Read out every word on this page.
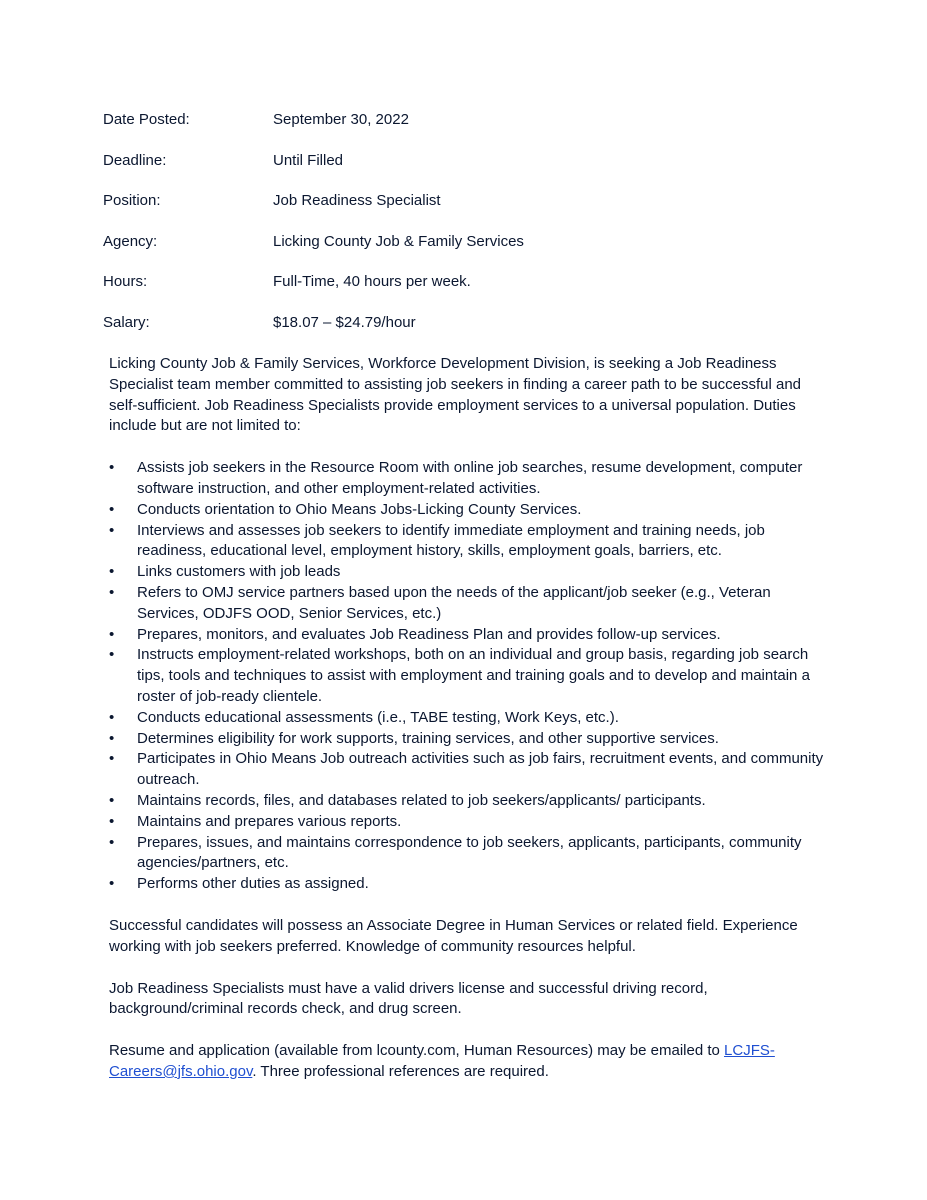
Date Posted:	September 30, 2022
Deadline:	Until Filled
Position:	Job Readiness Specialist
Agency:	Licking County Job & Family Services
Hours:	Full-Time, 40 hours per week.
Salary:	$18.07 – $24.79/hour

Licking County Job & Family Services, Workforce Development Division, is seeking a Job Readiness Specialist team member committed to assisting job seekers in finding a career path to be successful and self-sufficient. Job Readiness Specialists provide employment services to a universal population. Duties include but are not limited to:

•	Assists job seekers in the Resource Room with online job searches, resume development, computer software instruction, and other employment-related activities.
•	Conducts orientation to Ohio Means Jobs-Licking County Services.
•	Interviews and assesses job seekers to identify immediate employment and training needs, job readiness, educational level, employment history, skills, employment goals, barriers, etc.
•	Links customers with job leads
•	Refers to OMJ service partners based upon the needs of the applicant/job seeker (e.g., Veteran Services, ODJFS OOD, Senior Services, etc.)
•	Prepares, monitors, and evaluates Job Readiness Plan and provides follow-up services.
•	Instructs employment-related workshops, both on an individual and group basis, regarding job search tips, tools and techniques to assist with employment and training goals and to develop and maintain a roster of job-ready clientele.
•	Conducts educational assessments (i.e., TABE testing, Work Keys, etc.).
•	Determines eligibility for work supports, training services, and other supportive services.
•	Participates in Ohio Means Job outreach activities such as job fairs, recruitment events, and community outreach.
•	Maintains records, files, and databases related to job seekers/applicants/ participants.
•	Maintains and prepares various reports.
•	Prepares, issues, and maintains correspondence to job seekers, applicants, participants, community agencies/partners, etc.
•	Performs other duties as assigned.

Successful candidates will possess an Associate Degree in Human Services or related field. Experience working with job seekers preferred. Knowledge of community resources helpful.

Job Readiness Specialists must have a valid drivers license and successful driving record, background/criminal records check, and drug screen.

Resume and application (available from lcounty.com, Human Resources) may be emailed to LCJFS-Careers@jfs.ohio.gov. Three professional references are required.
